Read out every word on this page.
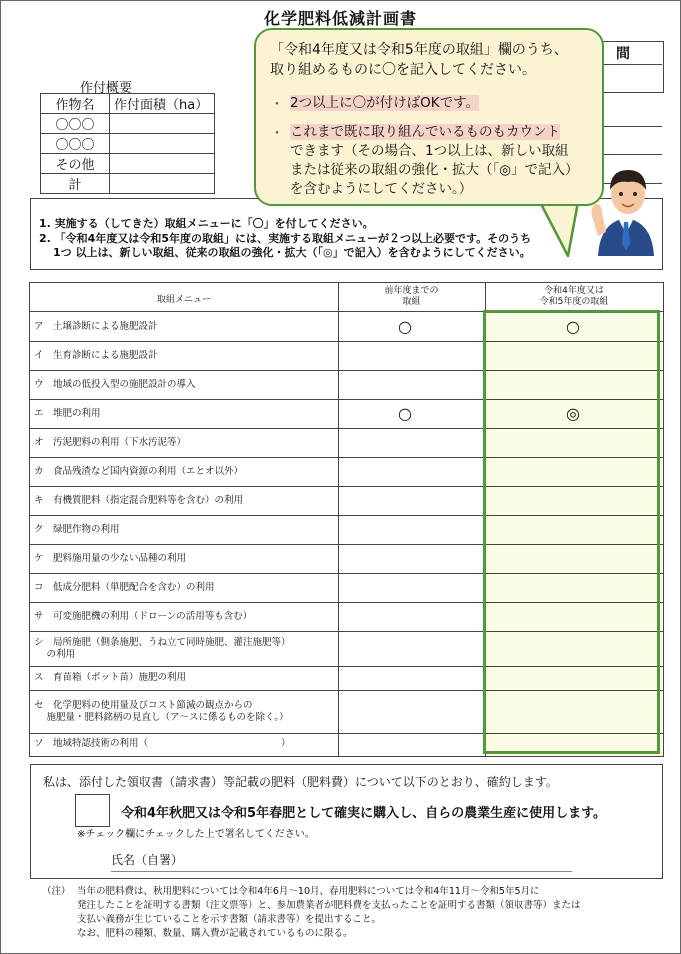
化学肥料低減計画書
間
作付概要
作物名	作付面積（ha）
〇〇〇	
〇〇〇	
その他	
計	
1. 実施する（してきた）取組メニューに「〇」を付してください。
2. 「令和4年度又は令和5年度の取組」には、実施する取組メニューが２つ以上必要です。そのうち
1つ 以上は、新しい取組、従来の取組の強化・拡大（「◎」で記入）を含むようにしてください。
取組メニュー
前年度までの
取組
令和4年度又は
令和5年度の取組
ア　土壌診断による施肥設計	○	○
イ　生育診断による施肥設計
ウ　地域の低投入型の施肥設計の導入
エ　堆肥の利用	○	◎
オ　汚泥肥料の利用（下水汚泥等）
カ　食品残渣など国内資源の利用（エとオ以外）
キ　有機質肥料（指定混合肥料等を含む）の利用
ク　緑肥作物の利用
ケ　肥料施用量の少ない品種の利用
コ　低成分肥料（単肥配合を含む）の利用
サ　可変施肥機の利用（ドローンの活用等も含む）
シ　局所施肥（側条施肥、うね立て同時施肥、灌注施肥等）
　 の利用
ス　育苗箱（ポット苗）施肥の利用
セ　化学肥料の使用量及びコスト節減の観点からの
　 施肥量・肥料銘柄の見直し（ア～スに係るものを除く。）
ソ　地域特認技術の利用（　　　　　　　　　　　　　　）
私は、添付した領収書（請求書）等記載の肥料（肥料費）について以下のとおり、確約します。
令和4年秋肥又は令和5年春肥として確実に購入し、自らの農業生産に使用します。
※チェック欄にチェックした上で署名してください。
氏名（自署）
（注） 当年の肥料費は、秋用肥料については令和4年6月～10月、春用肥料については令和4年11月～令和5年5月に
発注したことを証明する書類（注文票等）と、参加農業者が肥料費を支払ったことを証明する書類（領収書等）または
支払い義務が生じていることを示す書類（請求書等）を提出すること。
なお、肥料の種類、数量、購入費が記載されているものに限る。
「令和4年度又は令和5年度の取組」欄のうち、
取り組めるものに〇を記入してください。
・ 2つ以上に〇が付けばOKです。
・ これまで既に取り組んでいるものもカウント
できます（その場合、1つ以上は、新しい取組
または従来の取組の強化・拡大（「◎」で記入）
を含むようにしてください。）
